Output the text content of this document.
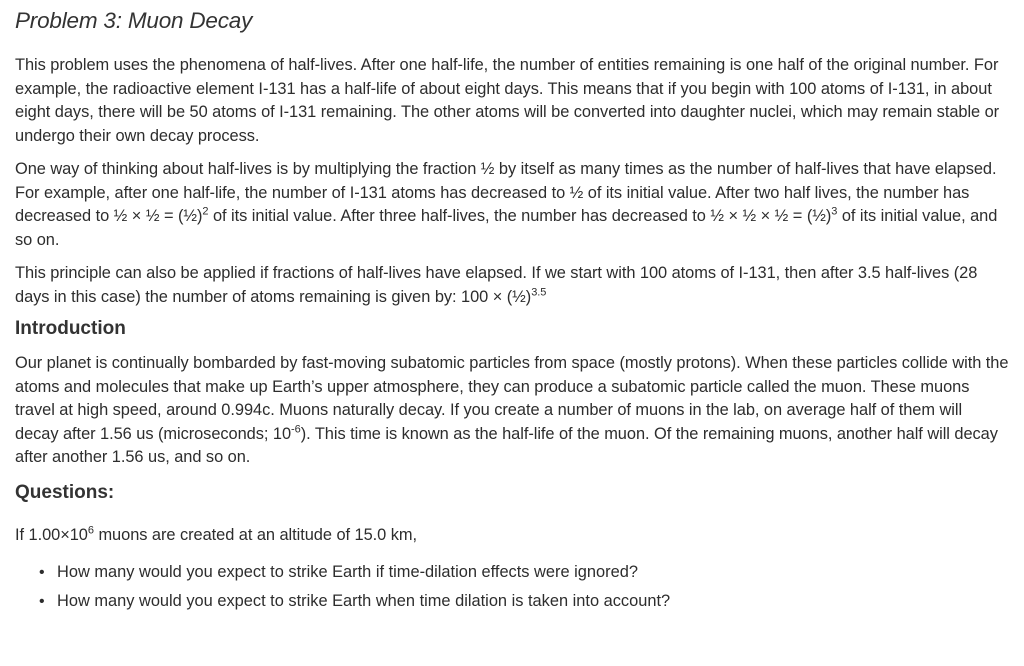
Problem 3: Muon Decay

This problem uses the phenomena of half-lives. After one half-life, the number of entities remaining is one half of the original number. For example, the radioactive element I-131 has a half-life of about eight days. This means that if you begin with 100 atoms of I-131, in about eight days, there will be 50 atoms of I-131 remaining. The other atoms will be converted into daughter nuclei, which may remain stable or undergo their own decay process.

One way of thinking about half-lives is by multiplying the fraction ½ by itself as many times as the number of half-lives that have elapsed. For example, after one half-life, the number of I-131 atoms has decreased to ½ of its initial value. After two half lives, the number has decreased to ½ × ½ = (½)$^2$ of its initial value. After three half-lives, the number has decreased to ½ × ½ × ½ = (½)$^3$ of its initial value, and so on.

This principle can also be applied if fractions of half-lives have elapsed. If we start with 100 atoms of I-131, then after 3.5 half-lives (28 days in this case) the number of atoms remaining is given by: 100 × (½)$^{3.5}$

Introduction

Our planet is continually bombarded by fast-moving subatomic particles from space (mostly protons). When these particles collide with the atoms and molecules that make up Earth’s upper atmosphere, they can produce a subatomic particle called the muon. These muons travel at high speed, around 0.994c. Muons naturally decay. If you create a number of muons in the lab, on average half of them will decay after 1.56 us (microseconds; $10^{-6}$). This time is known as the half-life of the muon. Of the remaining muons, another half will decay after another 1.56 us, and so on.

Questions:

If $1.00\times 10^6$ muons are created at an altitude of 15.0 km,

• How many would you expect to strike Earth if time-dilation effects were ignored?
• How many would you expect to strike Earth when time dilation is taken into account?
